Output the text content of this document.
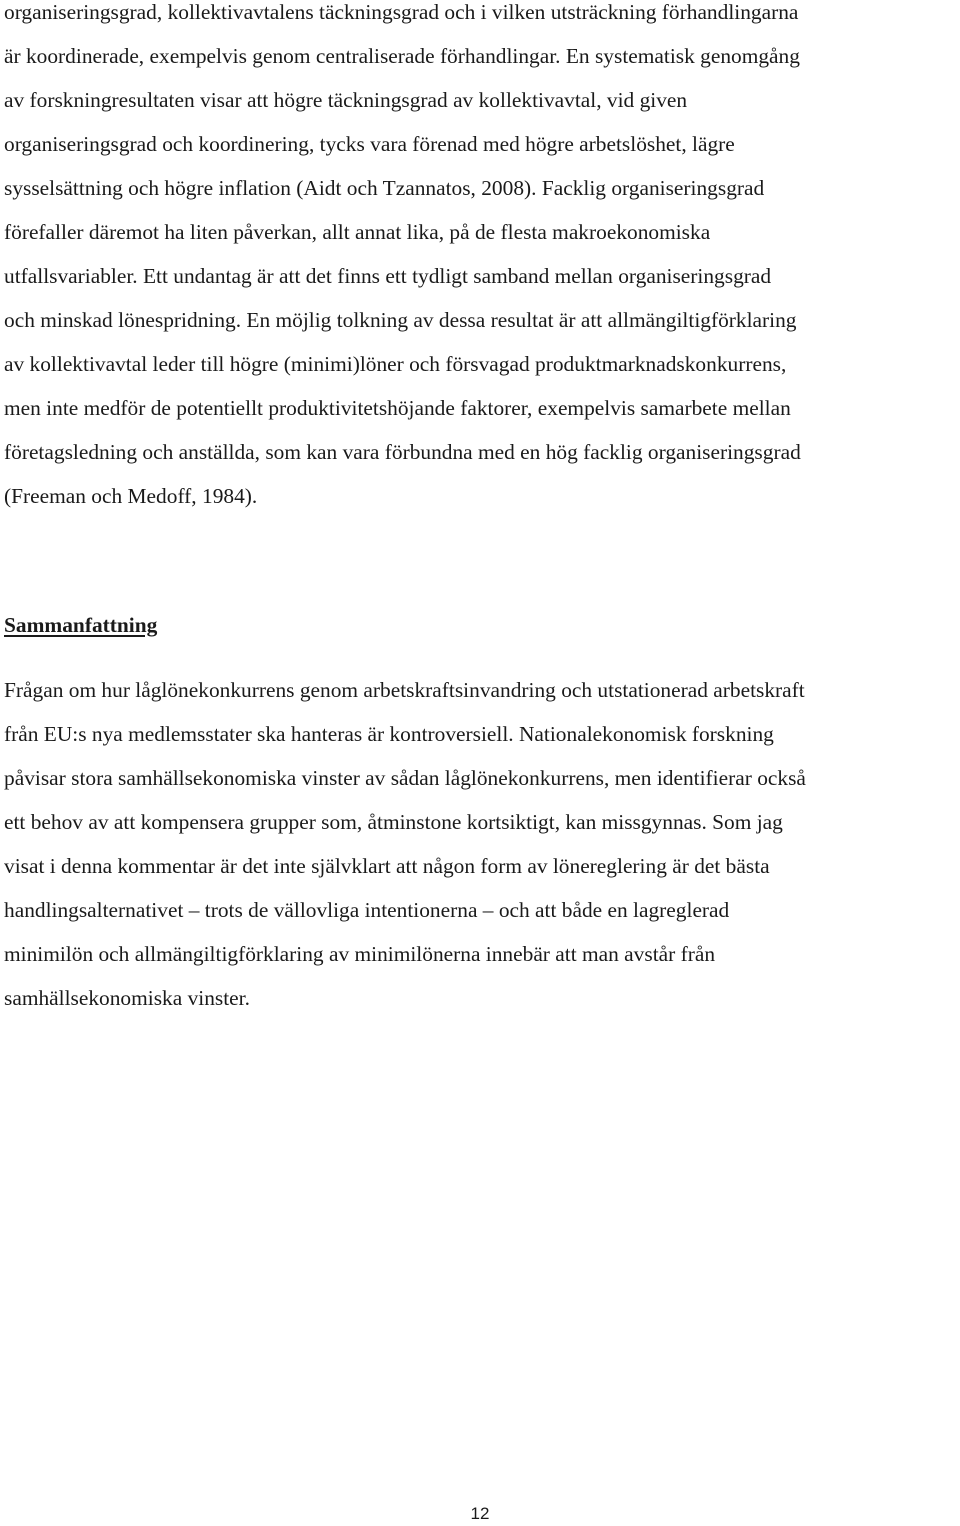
organiseringsgrad, kollektivavtalens täckningsgrad och i vilken utsträckning förhandlingarna
är koordinerade, exempelvis genom centraliserade förhandlingar. En systematisk genomgång
av forskningresultaten visar att högre täckningsgrad av kollektivavtal, vid given
organiseringsgrad och koordinering, tycks vara förenad med högre arbetslöshet, lägre
sysselsättning och högre inflation (Aidt och Tzannatos, 2008). Facklig organiseringsgrad
förefaller däremot ha liten påverkan, allt annat lika, på de flesta makroekonomiska
utfallsvariabler. Ett undantag är att det finns ett tydligt samband mellan organiseringsgrad
och minskad lönespridning. En möjlig tolkning av dessa resultat är att allmängiltigförklaring
av kollektivavtal leder till högre (minimi)löner och försvagad produktmarknadskonkurrens,
men inte medför de potentiellt produktivitetshöjande faktorer, exempelvis samarbete mellan
företagsledning och anställda, som kan vara förbundna med en hög facklig organiseringsgrad
(Freeman och Medoff, 1984).

Sammanfattning

Frågan om hur låglönekonkurrens genom arbetskraftsinvandring och utstationerad arbetskraft
från EU:s nya medlemsstater ska hanteras är kontroversiell. Nationalekonomisk forskning
påvisar stora samhällsekonomiska vinster av sådan låglönekonkurrens, men identifierar också
ett behov av att kompensera grupper som, åtminstone kortsiktigt, kan missgynnas. Som jag
visat i denna kommentar är det inte självklart att någon form av lönereglering är det bästa
handlingsalternativet – trots de vällovliga intentionerna – och att både en lagreglerad
minimilön och allmängiltigförklaring av minimilönerna innebär att man avstår från
samhällsekonomiska vinster.

12
